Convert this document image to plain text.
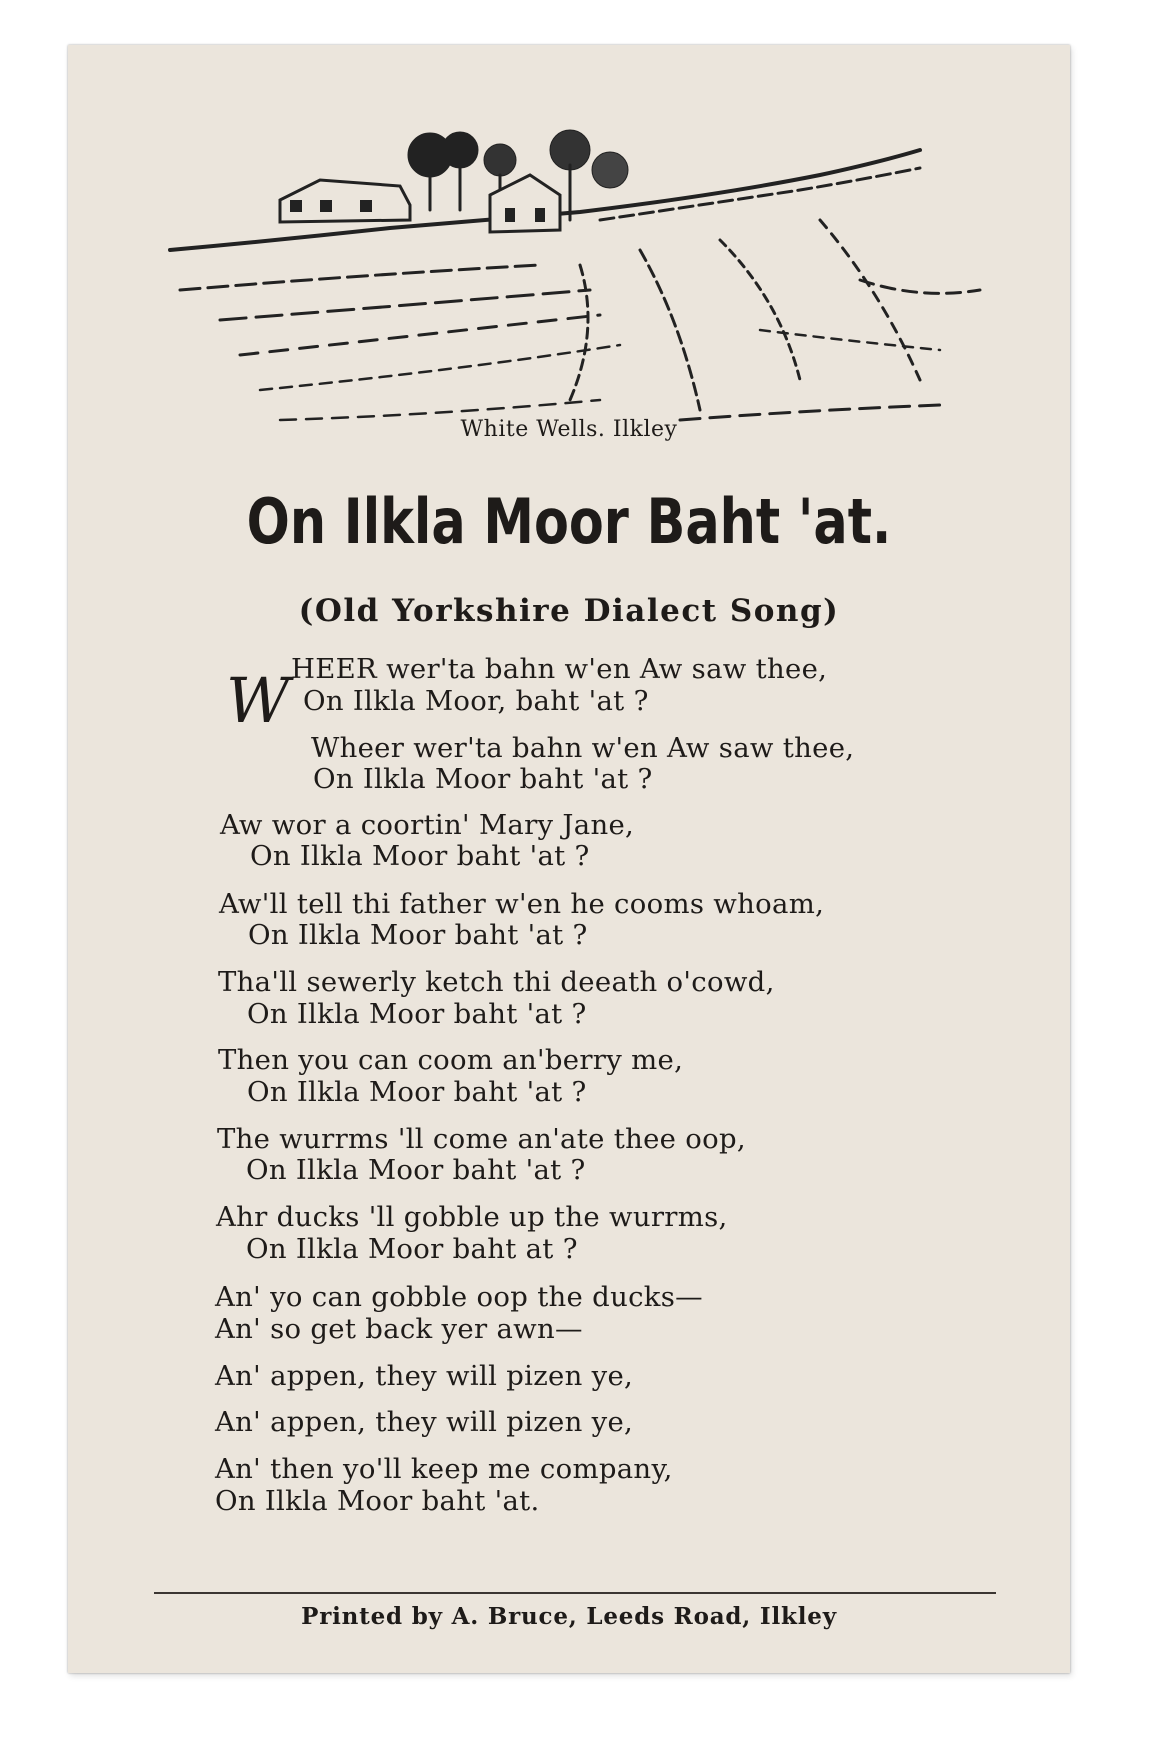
White Wells. Ilkley
On Ilkla Moor Baht 'at.
(Old Yorkshire Dialect Song)
W HEER wer'ta bahn w'en Aw saw thee,
On Ilkla Moor, baht 'at ?
Wheer wer'ta bahn w'en Aw saw thee,
On Ilkla Moor baht 'at ?
Aw wor a coortin' Mary Jane,
On Ilkla Moor baht 'at ?
Aw'll tell thi father w'en he cooms whoam,
On Ilkla Moor baht 'at ?
Tha'll sewerly ketch thi deeath o'cowd,
On Ilkla Moor baht 'at ?
Then you can coom an'berry me,
On Ilkla Moor baht 'at ?
The wurrms 'll come an'ate thee oop,
On Ilkla Moor baht 'at ?
Ahr ducks 'll gobble up the wurrms,
On Ilkla Moor baht at ?
An' yo can gobble oop the ducks—
An' so get back yer awn—
An' appen, they will pizen ye,
An' appen, they will pizen ye,
An' then yo'll keep me company,
On Ilkla Moor baht 'at.
Printed by A. Bruce, Leeds Road, Ilkley
